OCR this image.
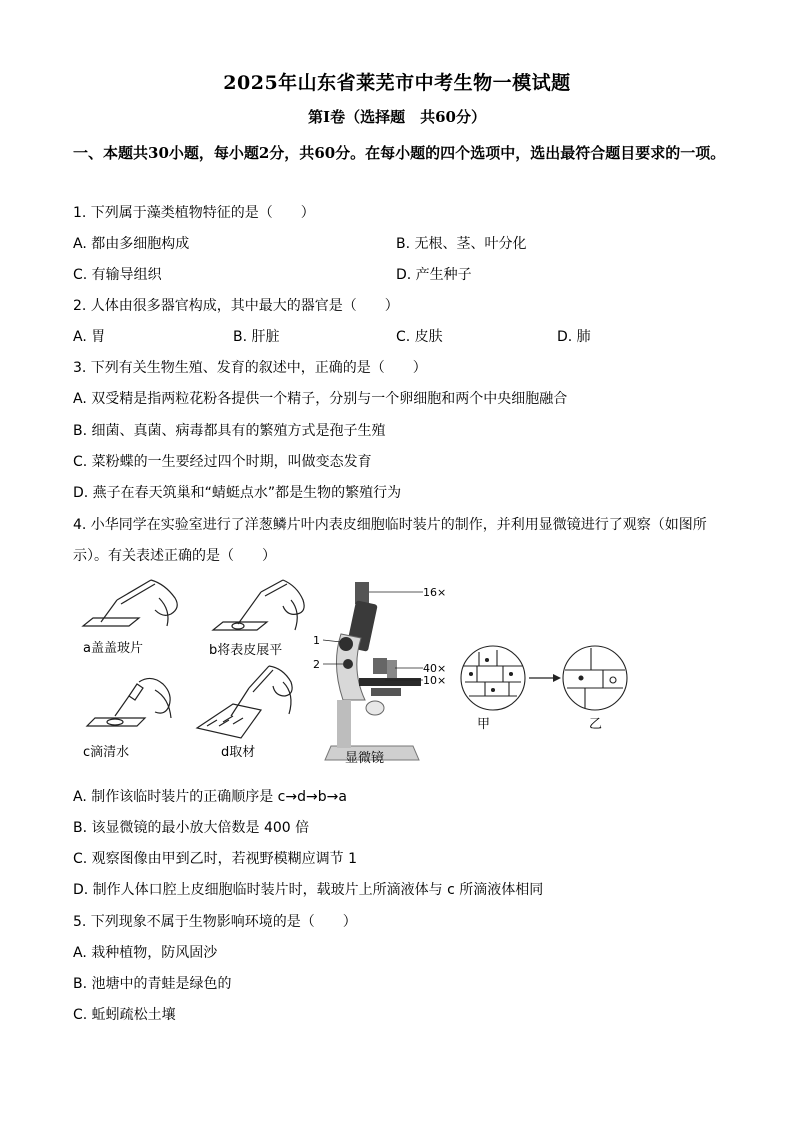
2025年山东省莱芜市中考生物一模试题
第Ⅰ卷（选择题　共60分）
一、本题共30小题，每小题2分，共60分。在每小题的四个选项中，选出最符合题目要求的一项。
1. 下列属于藻类植物特征的是（　　）
A. 都由多细胞构成	B. 无根、茎、叶分化
C. 有输导组织	D. 产生种子
2. 人体由很多器官构成，其中最大的器官是（　　）
A. 胃	B. 肝脏	C. 皮肤	D. 肺
3. 下列有关生物生殖、发育的叙述中，正确的是（　　）
A. 双受精是指两粒花粉各提供一个精子，分别与一个卵细胞和两个中央细胞融合
B. 细菌、真菌、病毒都具有的繁殖方式是孢子生殖
C. 菜粉蝶的一生要经过四个时期，叫做变态发育
D. 燕子在春天筑巢和“蜻蜓点水”都是生物的繁殖行为
4. 小华同学在实验室进行了洋葱鳞片叶内表皮细胞临时装片的制作，并利用显微镜进行了观察（如图所
示）。有关表述正确的是（　　）
a盖盖玻片	b将表皮展平
c滴清水	d取材
16×
1
2	40×
10×
显微镜
甲	乙
A. 制作该临时装片的正确顺序是 c→d→b→a
B. 该显微镜的最小放大倍数是 400 倍
C. 观察图像由甲到乙时，若视野模糊应调节 1
D. 制作人体口腔上皮细胞临时装片时，载玻片上所滴液体与 c 所滴液体相同
5. 下列现象不属于生物影响环境的是（　　）
A. 栽种植物，防风固沙
B. 池塘中的青蛙是绿色的
C. 蚯蚓疏松土壤
